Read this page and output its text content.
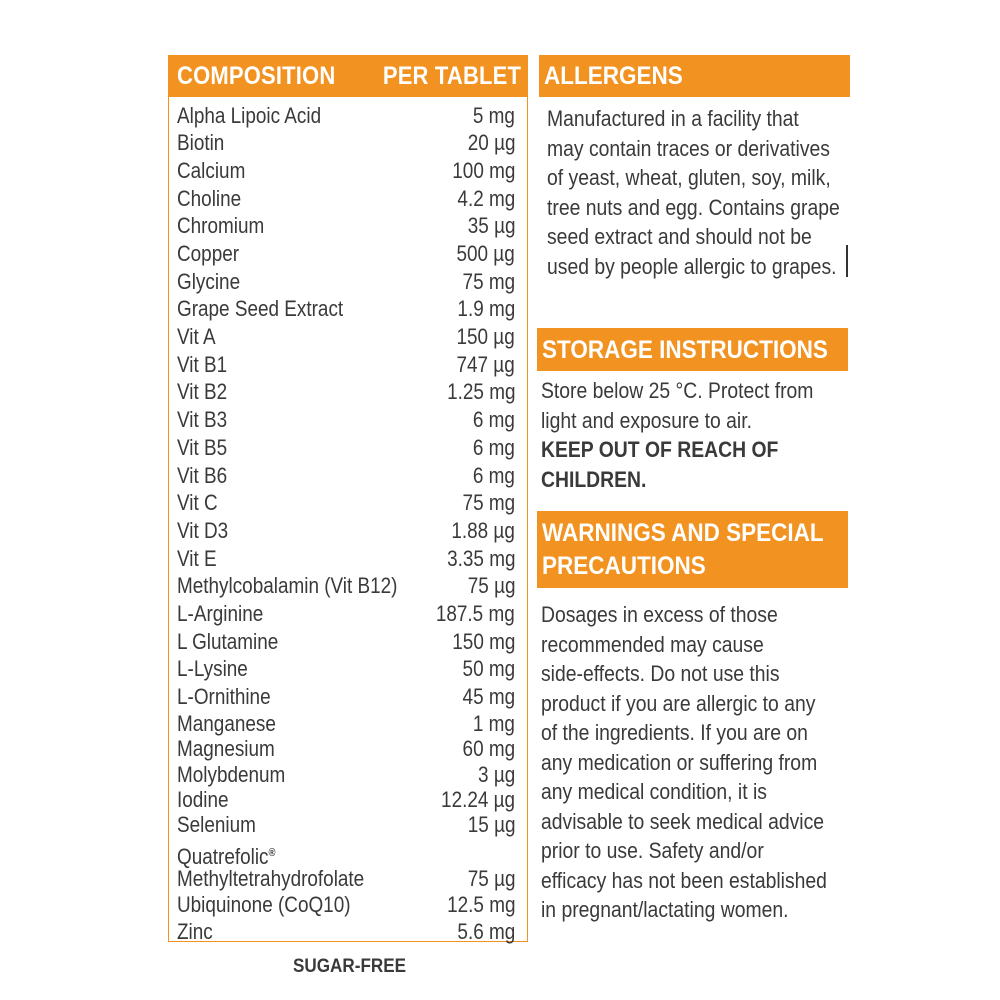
COMPOSITION PER TABLET
Alpha Lipoic Acid	5 mg
Biotin	20 µg
Calcium	100 mg
Choline	4.2 mg
Chromium	35 µg
Copper	500 µg
Glycine	75 mg
Grape Seed Extract	1.9 mg
Vit A	150 µg
Vit B1	747 µg
Vit B2	1.25 mg
Vit B3	6 mg
Vit B5	6 mg
Vit B6	6 mg
Vit C	75 mg
Vit D3	1.88 µg
Vit E	3.35 mg
Methylcobalamin (Vit B12)	75 µg
L-Arginine	187.5 mg
L Glutamine	150 mg
L-Lysine	50 mg
L-Ornithine	45 mg
Manganese	1 mg
Magnesium	60 mg
Molybdenum	3 µg
Iodine	12.24 µg
Selenium	15 µg
Quatrefolic®
Methyltetrahydrofolate	75 µg
Ubiquinone (CoQ10)	12.5 mg
Zinc	5.6 mg
SUGAR-FREE
ALLERGENS
Manufactured in a facility that
may contain traces or derivatives
of yeast, wheat, gluten, soy, milk,
tree nuts and egg. Contains grape
seed extract and should not be
used by people allergic to grapes.
STORAGE INSTRUCTIONS
Store below 25 °C. Protect from
light and exposure to air.
KEEP OUT OF REACH OF
CHILDREN.
WARNINGS AND SPECIAL
PRECAUTIONS
Dosages in excess of those
recommended may cause
side-effects. Do not use this
product if you are allergic to any
of the ingredients. If you are on
any medication or suffering from
any medical condition, it is
advisable to seek medical advice
prior to use. Safety and/or
efficacy has not been established
in pregnant/lactating women.
